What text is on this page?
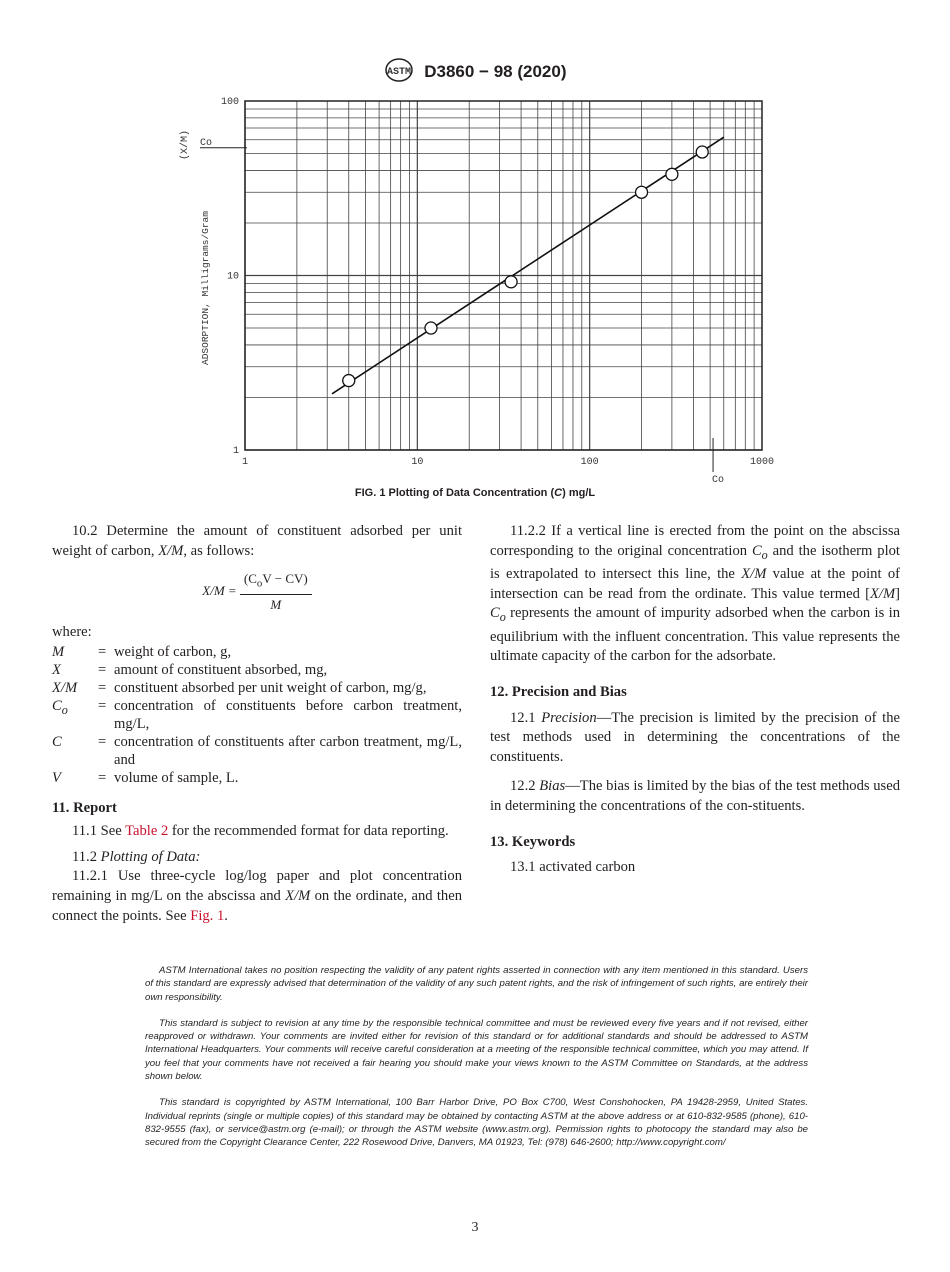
ASTM D3860 − 98 (2020)
1	10	100	1000
1
10
100
ADSORPTION, Milligrams/Gram
(X/M)
Co
Co
FIG. 1 Plotting of Data Concentration (C) mg/L

10.2 Determine the amount of constituent adsorbed per unit weight of carbon, X/M, as follows:

$X/M = \frac{(C_oV - CV)}{M}$

where:

M	= weight of carbon, g,
X	= amount of constituent absorbed, mg,
X/M	= constituent absorbed per unit weight of carbon, mg/g,
$C_o$	= concentration of constituents before carbon treatment, mg/L,
C	= concentration of constituents after carbon treatment, mg/L, and
V	= volume of sample, L.

11. Report

11.1 See Table 2 for the recommended format for data reporting.

11.2 Plotting of Data:

11.2.1 Use three-cycle log/log paper and plot concentration remaining in mg/L on the abscissa and X/M on the ordinate, and then connect the points. See Fig. 1.

11.2.2 If a vertical line is erected from the point on the abscissa corresponding to the original concentration $C_o$ and the isotherm plot is extrapolated to intersect this line, the X/M value at the point of intersection can be read from the ordinate. This value termed [X/M] $C_o$ represents the amount of impurity adsorbed when the carbon is in equilibrium with the influent concentration. This value represents the ultimate capacity of the carbon for the adsorbate.

12. Precision and Bias

12.1 Precision—The precision is limited by the precision of the test methods used in determining the concentrations of the constituents.

12.2 Bias—The bias is limited by the bias of the test methods used in determining the concentrations of the con-stituents.

13. Keywords

13.1 activated carbon

ASTM International takes no position respecting the validity of any patent rights asserted in connection with any item mentioned in this standard. Users of this standard are expressly advised that determination of the validity of any such patent rights, and the risk of infringement of such rights, are entirely their own responsibility.

This standard is subject to revision at any time by the responsible technical committee and must be reviewed every five years and if not revised, either reapproved or withdrawn. Your comments are invited either for revision of this standard or for additional standards and should be addressed to ASTM International Headquarters. Your comments will receive careful consideration at a meeting of the responsible technical committee, which you may attend. If you feel that your comments have not received a fair hearing you should make your views known to the ASTM Committee on Standards, at the address shown below.

This standard is copyrighted by ASTM International, 100 Barr Harbor Drive, PO Box C700, West Conshohocken, PA 19428-2959, United States. Individual reprints (single or multiple copies) of this standard may be obtained by contacting ASTM at the above address or at 610-832-9585 (phone), 610-832-9555 (fax), or service@astm.org (e-mail); or through the ASTM website (www.astm.org). Permission rights to photocopy the standard may also be secured from the Copyright Clearance Center, 222 Rosewood Drive, Danvers, MA 01923, Tel: (978) 646-2600; http://www.copyright.com/

3
